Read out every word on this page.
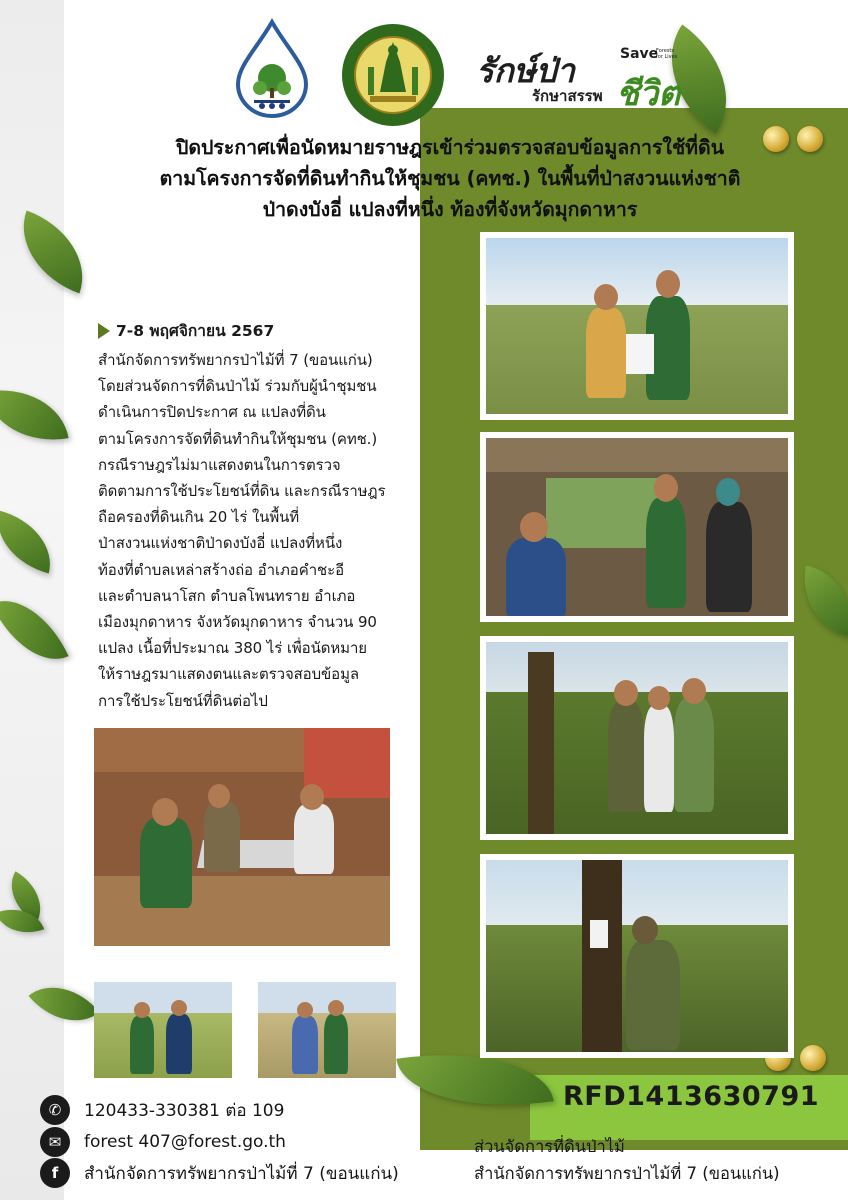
รักษ์ป่า
รักษาสรรพ ชีวิต
Save
Forests for Lives
ปิดประกาศเพื่อนัดหมายราษฎรเข้าร่วมตรวจสอบข้อมูลการใช้ที่ดิน
ตามโครงการจัดที่ดินทำกินให้ชุมชน (คทช.) ในพื้นที่ป่าสงวนแห่งชาติ
ป่าดงบังอี่ แปลงที่หนึ่ง ท้องที่จังหวัดมุกดาหาร
7-8 พฤศจิกายน 2567
สำนักจัดการทรัพยากรป่าไม้ที่ 7 (ขอนแก่น)
โดยส่วนจัดการที่ดินป่าไม้ ร่วมกับผู้นำชุมชน
ดำเนินการปิดประกาศ ณ แปลงที่ดิน
ตามโครงการจัดที่ดินทำกินให้ชุมชน (คทช.)
กรณีราษฎรไม่มาแสดงตนในการตรวจ
ติดตามการใช้ประโยชน์ที่ดิน และกรณีราษฎร
ถือครองที่ดินเกิน 20 ไร่ ในพื้นที่
ป่าสงวนแห่งชาติป่าดงบังอี่ แปลงที่หนึ่ง
ท้องที่ตำบลเหล่าสร้างถ่อ อำเภอคำชะอี
และตำบลนาโสก ตำบลโพนทราย อำเภอ
เมืองมุกดาหาร จังหวัดมุกดาหาร จำนวน 90
แปลง เนื้อที่ประมาณ 380 ไร่ เพื่อนัดหมาย
ให้ราษฎรมาแสดงตนและตรวจสอบข้อมูล
การใช้ประโยชน์ที่ดินต่อไป
✆	120433-330381 ต่อ 109
✉	forest 407@forest.go.th
f	สำนักจัดการทรัพยากรป่าไม้ที่ 7 (ขอนแก่น)
RFD1413630791
ส่วนจัดการที่ดินป่าไม้
สำนักจัดการทรัพยากรป่าไม้ที่ 7 (ขอนแก่น)
